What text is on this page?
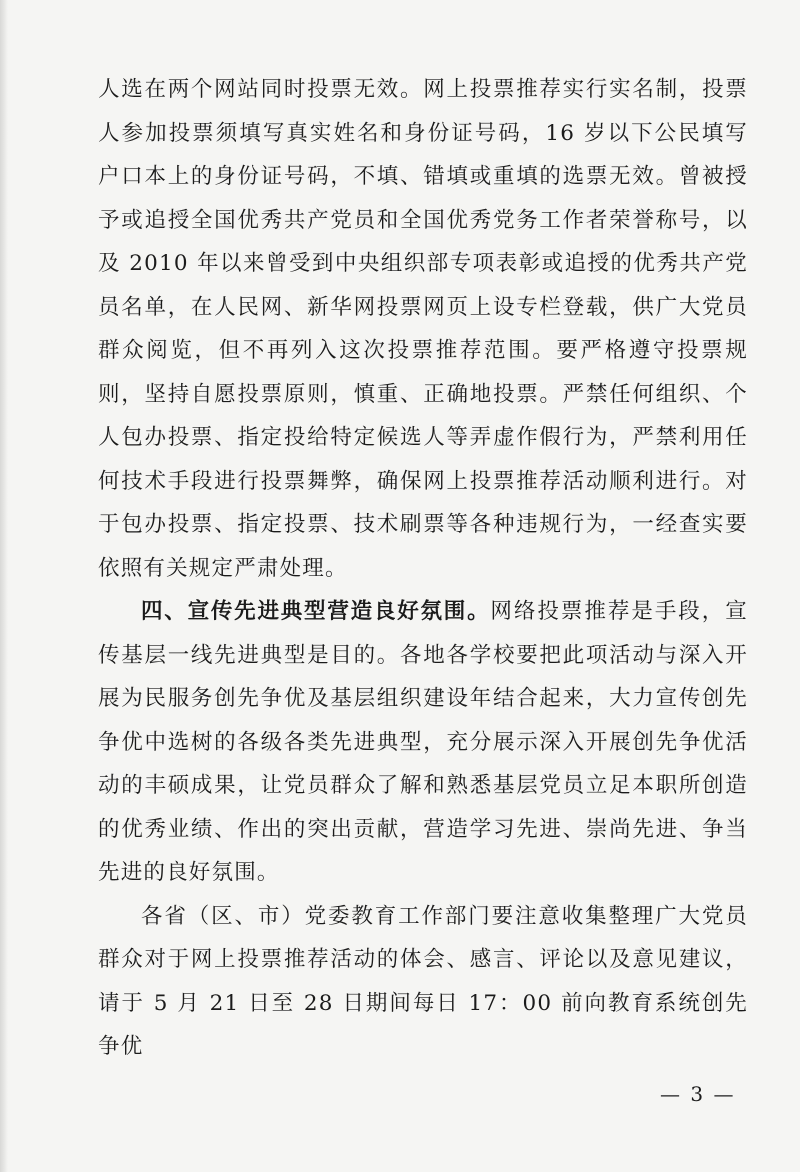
人选在两个网站同时投票无效。网上投票推荐实行实名制，投票人参加投票须填写真实姓名和身份证号码，16 岁以下公民填写户口本上的身份证号码，不填、错填或重填的选票无效。曾被授予或追授全国优秀共产党员和全国优秀党务工作者荣誉称号，以及 2010 年以来曾受到中央组织部专项表彰或追授的优秀共产党员名单，在人民网、新华网投票网页上设专栏登载，供广大党员群众阅览，但不再列入这次投票推荐范围。要严格遵守投票规则，坚持自愿投票原则，慎重、正确地投票。严禁任何组织、个人包办投票、指定投给特定候选人等弄虚作假行为，严禁利用任何技术手段进行投票舞弊，确保网上投票推荐活动顺利进行。对于包办投票、指定投票、技术刷票等各种违规行为，一经查实要依照有关规定严肃处理。

四、宣传先进典型营造良好氛围。网络投票推荐是手段，宣传基层一线先进典型是目的。各地各学校要把此项活动与深入开展为民服务创先争优及基层组织建设年结合起来，大力宣传创先争优中选树的各级各类先进典型，充分展示深入开展创先争优活动的丰硕成果，让党员群众了解和熟悉基层党员立足本职所创造的优秀业绩、作出的突出贡献，营造学习先进、崇尚先进、争当先进的良好氛围。

各省（区、市）党委教育工作部门要注意收集整理广大党员群众对于网上投票推荐活动的体会、感言、评论以及意见建议，请于 5 月 21 日至 28 日期间每日 17：00 前向教育系统创先争优

— 3 —
